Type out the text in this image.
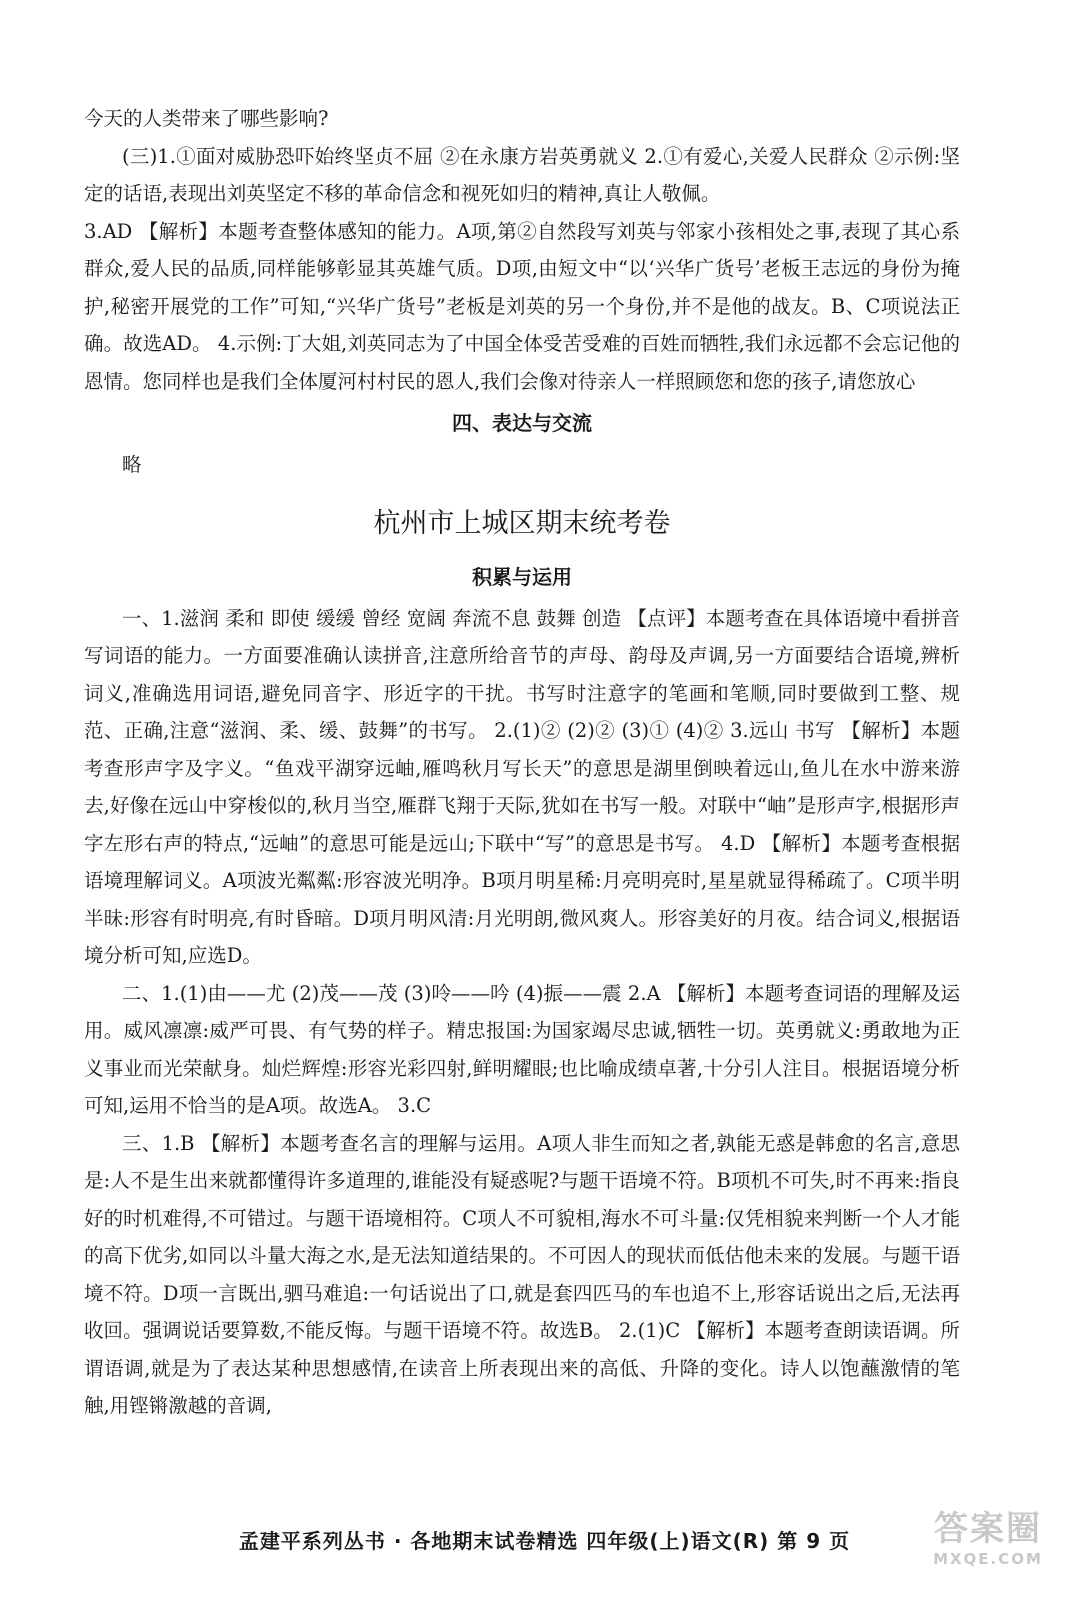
今天的人类带来了哪些影响?

(三)1.①面对威胁恐吓始终坚贞不屈 ②在永康方岩英勇就义 2.①有爱心,关爱人民群众 ②示例:坚定的话语,表现出刘英坚定不移的革命信念和视死如归的精神,真让人敬佩。

3.AD 【解析】本题考查整体感知的能力。A项,第②自然段写刘英与邻家小孩相处之事,表现了其心系群众,爱人民的品质,同样能够彰显其英雄气质。D项,由短文中“以‘兴华广货号’老板王志远的身份为掩护,秘密开展党的工作”可知,“兴华广货号”老板是刘英的另一个身份,并不是他的战友。B、C项说法正确。故选AD。 4.示例:丁大姐,刘英同志为了中国全体受苦受难的百姓而牺牲,我们永远都不会忘记他的恩情。您同样也是我们全体厦河村村民的恩人,我们会像对待亲人一样照顾您和您的孩子,请您放心

四、表达与交流

略

杭州市上城区期末统考卷

积累与运用

一、1.滋润 柔和 即使 缓缓 曾经 宽阔 奔流不息 鼓舞 创造 【点评】本题考查在具体语境中看拼音写词语的能力。一方面要准确认读拼音,注意所给音节的声母、韵母及声调,另一方面要结合语境,辨析词义,准确选用词语,避免同音字、形近字的干扰。书写时注意字的笔画和笔顺,同时要做到工整、规范、正确,注意“滋润、柔、缓、鼓舞”的书写。 2.(1)② (2)② (3)① (4)② 3.远山 书写 【解析】本题考查形声字及字义。“鱼戏平湖穿远岫,雁鸣秋月写长天”的意思是湖里倒映着远山,鱼儿在水中游来游去,好像在远山中穿梭似的,秋月当空,雁群飞翔于天际,犹如在书写一般。对联中“岫”是形声字,根据形声字左形右声的特点,“远岫”的意思可能是远山;下联中“写”的意思是书写。 4.D 【解析】本题考查根据语境理解词义。A项波光粼粼:形容波光明净。B项月明星稀:月亮明亮时,星星就显得稀疏了。C项半明半昧:形容有时明亮,有时昏暗。D项月明风清:月光明朗,微风爽人。形容美好的月夜。结合词义,根据语境分析可知,应选D。

二、1.(1)由——尤 (2)茂——茂 (3)呤——吟 (4)振——震 2.A 【解析】本题考查词语的理解及运用。威风凛凛:威严可畏、有气势的样子。精忠报国:为国家竭尽忠诚,牺牲一切。英勇就义:勇敢地为正义事业而光荣献身。灿烂辉煌:形容光彩四射,鲜明耀眼;也比喻成绩卓著,十分引人注目。根据语境分析可知,运用不恰当的是A项。故选A。 3.C

三、1.B 【解析】本题考查名言的理解与运用。A项人非生而知之者,孰能无惑是韩愈的名言,意思是:人不是生出来就都懂得许多道理的,谁能没有疑惑呢?与题干语境不符。B项机不可失,时不再来:指良好的时机难得,不可错过。与题干语境相符。C项人不可貌相,海水不可斗量:仅凭相貌来判断一个人才能的高下优劣,如同以斗量大海之水,是无法知道结果的。不可因人的现状而低估他未来的发展。与题干语境不符。D项一言既出,驷马难追:一句话说出了口,就是套四匹马的车也追不上,形容话说出之后,无法再收回。强调说话要算数,不能反悔。与题干语境不符。故选B。 2.(1)C 【解析】本题考查朗读语调。所谓语调,就是为了表达某种思想感情,在读音上所表现出来的高低、升降的变化。诗人以饱蘸激情的笔触,用铿锵激越的音调,

孟建平系列丛书 · 各地期末试卷精选 四年级(上)语文(R) 第 9 页	答案圈
MXQE.COM
